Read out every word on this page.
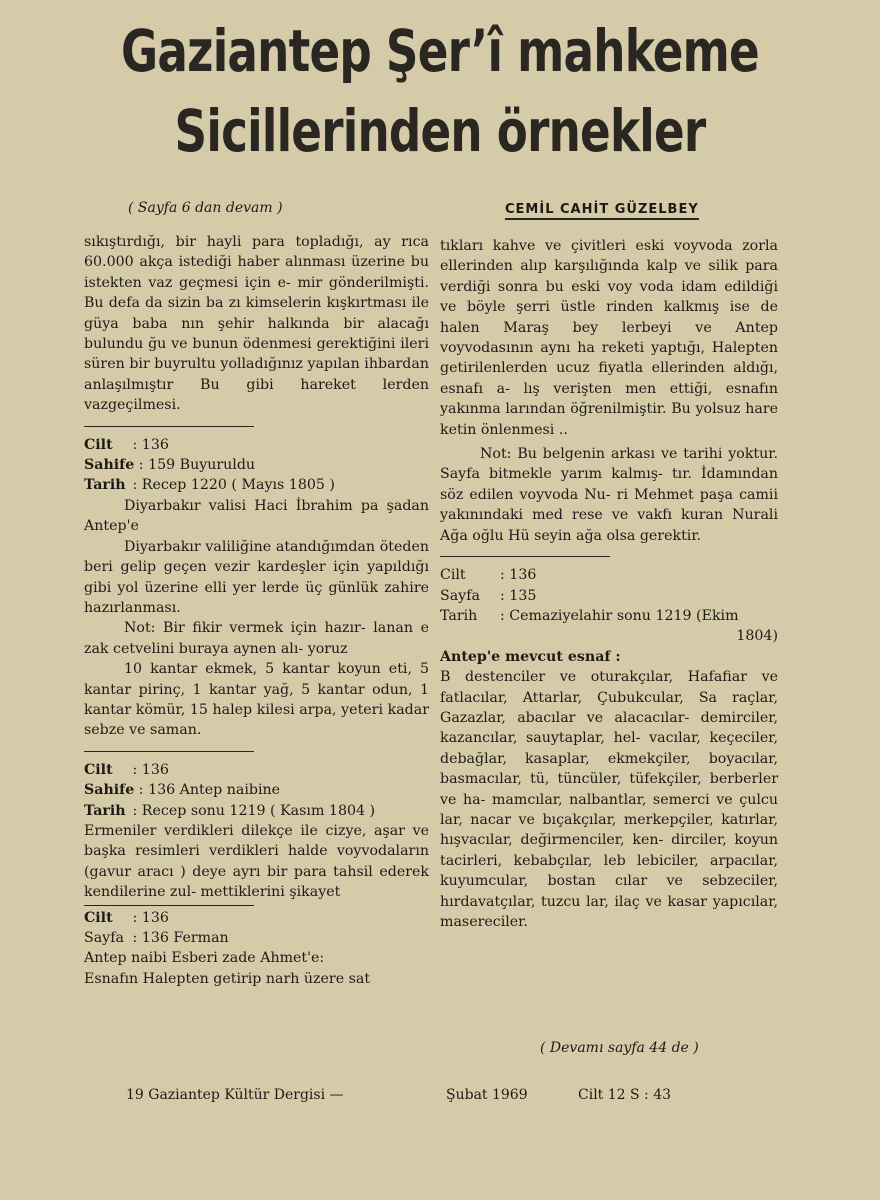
Gaziantep Şer’î mahkeme
Sicillerinden örnekler
( Sayfa 6 dan devam )	CEMİL CAHİT GÜZELBEY

sıkıştırdığı, bir hayli para topladığı, ay rıca 60.000 akça istediği haber alınması üzerine bu istekten vaz geçmesi için e- mir gönderilmişti. Bu defa da sizin ba zı kimselerin kışkırtması ile güya baba nın şehir halkında bir alacağı bulundu ğu ve bunun ödenmesi gerektiğini ileri süren bir buyrultu yolladığınız yapılan ihbardan anlaşılmıştır Bu gibi hareket lerden vazgeçilmesi.

Cilt : 136

Sahife : 159 Buyuruldu

Tarih : Recep 1220 ( Mayıs 1805 )

Diyarbakır valisi Haci İbrahim pa şadan Antep'e

Diyarbakır valiliğine atandığımdan öteden beri gelip geçen vezir kardeşler için yapıldığı gibi yol üzerine elli yer lerde üç günlük zahire hazırlanması.

Not: Bir fikir vermek için hazır- lanan e zak cetvelini buraya aynen alı- yoruz

10 kantar ekmek, 5 kantar koyun eti, 5 kantar pirinç, 1 kantar yağ, 5 kantar odun, 1 kantar kömür, 15 halep kilesi arpa, yeteri kadar sebze ve saman.

Cilt : 136

Sahife : 136 Antep naibine

Tarih : Recep sonu 1219 ( Kasım 1804 )

Ermeniler verdikleri dilekçe ile cizye, aşar ve başka resimleri verdikleri halde voyvodaların (gavur aracı ) deye ayrı bir para tahsil ederek kendilerine zul- mettiklerini şikayet

Cilt : 136

Sayfa : 136 Ferman

Antep naibi Esberi zade Ahmet'e:

Esnafın Halepten getirip narh üzere sat

tıkları kahve ve çivitleri eski voyvoda zorla ellerinden alıp karşılığında kalp ve silik para verdiği sonra bu eski voy voda idam edildiği ve böyle şerri üstle rinden kalkmış ise de halen Maraş bey lerbeyi ve Antep voyvodasının aynı ha reketi yaptığı, Halepten getirilenlerden ucuz fiyatla ellerinden aldığı, esnafı a- lış verişten men ettiği, esnafın yakınma larından öğrenilmiştir. Bu yolsuz hare ketin önlenmesi ..

Not: Bu belgenin arkası ve tarihi yoktur. Sayfa bitmekle yarım kalmış- tır. İdamından söz edilen voyvoda Nu- ri Mehmet paşa camii yakınındaki med rese ve vakfı kuran Nurali Ağa oğlu Hü seyin ağa olsa gerektir.

Cilt : 136

Sayfa : 135

Tarih : Cemaziyelahir sonu 1219 (Ekim

1804)

Antep'e mevcut esnaf :

B destenciler ve oturakçılar, Hafafiar ve fatlacılar, Attarlar, Çubukcular, Sa raçlar, Gazazlar, abacılar ve alacacılar- demirciler, kazancılar, sauytaplar, hel- vacılar, keçeciler, debağlar, kasaplar, ekmekçiler, boyacılar, basmacılar, tü, tüncüler, tüfekçiler, berberler ve ha- mamcılar, nalbantlar, semerci ve çulcu lar, nacar ve bıçakçılar, merkepçiler, katırlar, hışvacılar, değirmenciler, ken- dirciler, koyun tacirleri, kebabçılar, leb lebiciler, arpacılar, kuyumcular, bostan cılar ve sebzeciler, hırdavatçılar, tuzcu lar, ilaç ve kasar yapıcılar, masereciler.

( Devamı sayfa 44 de )
19 Gaziantep Kültür Dergisi —	Şubat 1969	Cilt 12 S : 43
